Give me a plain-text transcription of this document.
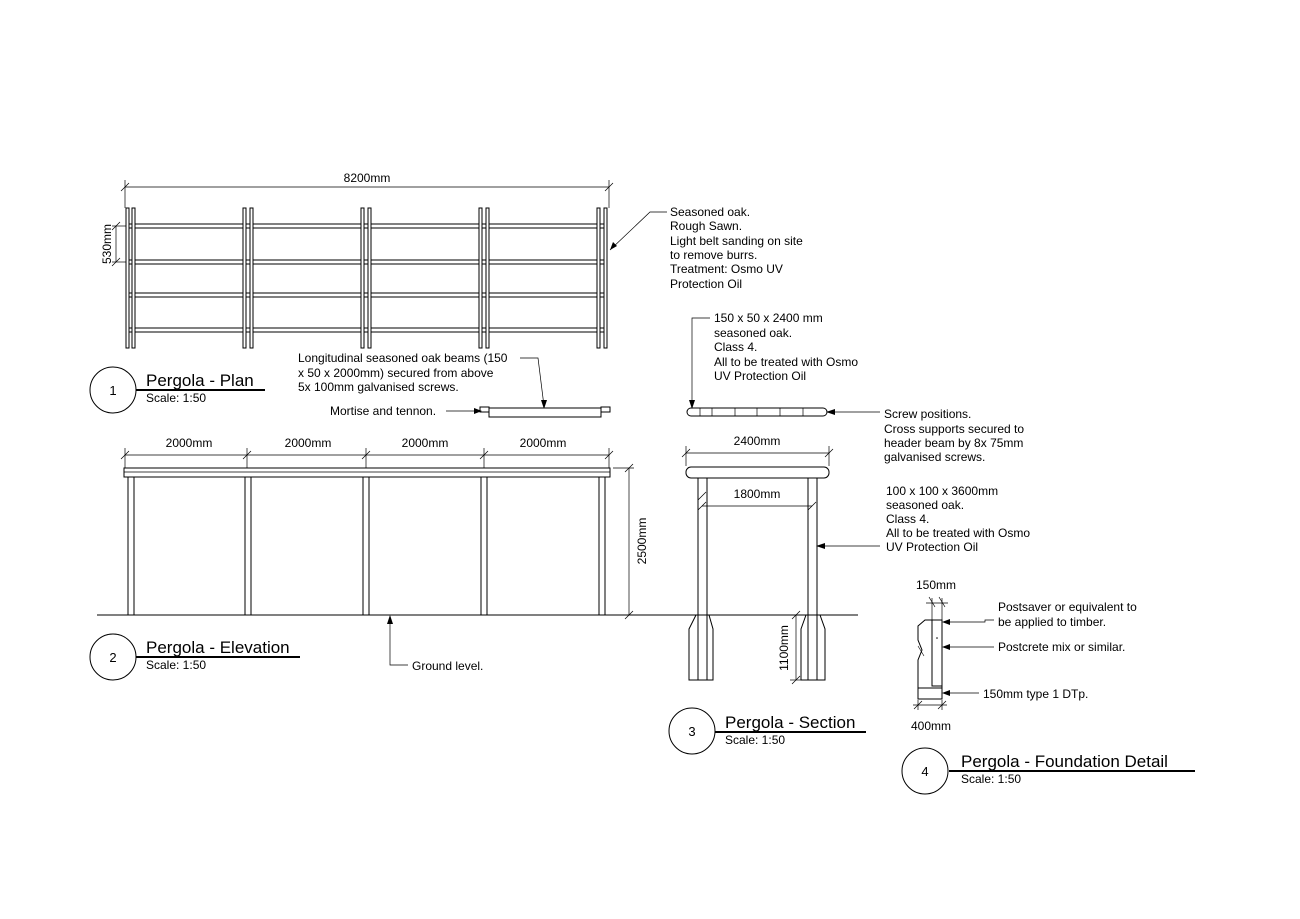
8200mm
530mm
Seasoned oak. Rough Sawn. Light belt sanding on site to remove burrs. Treatment: Osmo UV Protection Oil
Longitudinal seasoned oak beams (150 x 50 x 2000mm) secured from above 5x 100mm galvanised screws.
Mortise and tennon.
1
Pergola - Plan
Scale: 1:50
2000mm	2000mm	2000mm	2000mm
2500mm
Ground level.
2
Pergola - Elevation
Scale: 1:50
150 x 50 x 2400 mm seasoned oak. Class 4. All to be treated with Osmo UV Protection Oil
Screw positions. Cross supports secured to header beam by 8x 75mm galvanised screws.
2400mm
1800mm	100 x 100 x 3600mm seasoned oak. Class 4. All to be treated with Osmo UV Protection Oil
1100mm
3 Pergola - Section
Scale: 1:50
150mm
400mm
Postsaver or equivalent to be applied to timber.
Postcrete mix or similar.
150mm type 1 DTp.
4
Pergola - Foundation Detail
Scale: 1:50
